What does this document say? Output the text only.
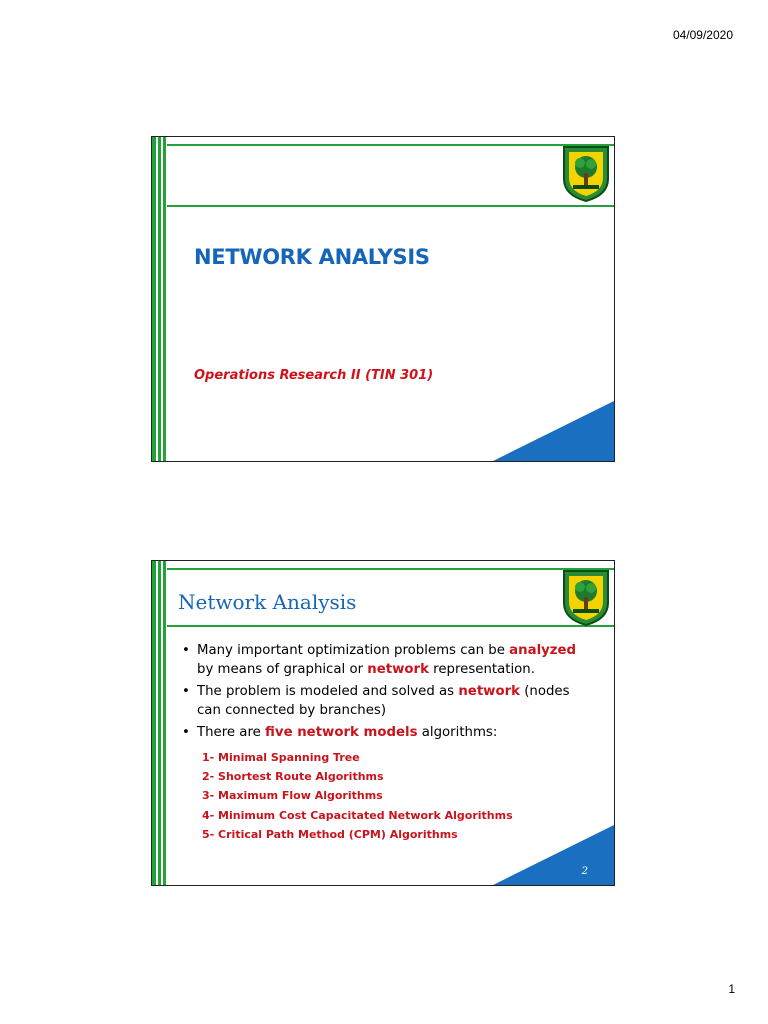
04/09/2020
NETWORK ANALYSIS
Operations Research II (TIN 301)
Network Analysis
• Many important optimization problems can be analyzed by means of graphical or network representation.
• The problem is modeled and solved as network (nodes can connected by branches)
• There are five network models algorithms:
1- Minimal Spanning Tree
2- Shortest Route Algorithms
3- Maximum Flow Algorithms
4- Minimum Cost Capacitated Network Algorithms
5- Critical Path Method (CPM) Algorithms
2
1
